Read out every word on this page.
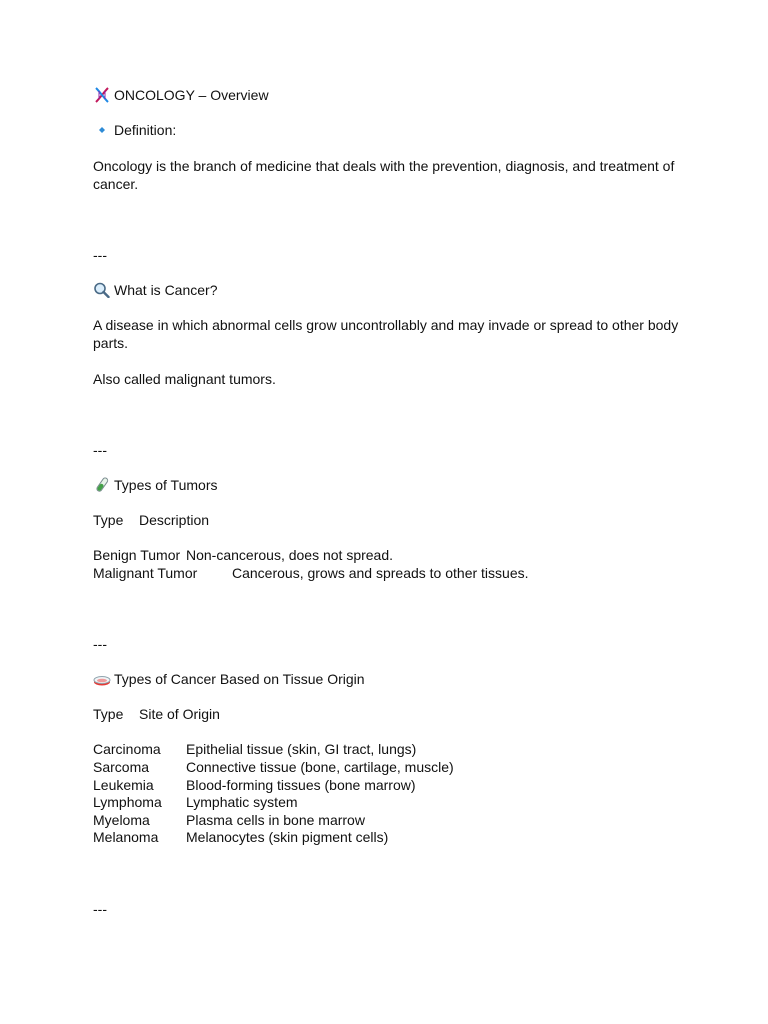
ONCOLOGY – Overview
Definition:
Oncology is the branch of medicine that deals with the prevention, diagnosis, and treatment of cancer.
---
What is Cancer?
A disease in which abnormal cells grow uncontrollably and may invade or spread to other body parts.
Also called malignant tumors.
---
Types of Tumors
Type Description
Benign Tumor Non-cancerous, does not spread.
Malignant Tumor Cancerous, grows and spreads to other tissues.
---
Types of Cancer Based on Tissue Origin
Type Site of Origin
Carcinoma Epithelial tissue (skin, GI tract, lungs)
Sarcoma	Connective tissue (bone, cartilage, muscle)
Leukemia Blood-forming tissues (bone marrow)
Lymphoma Lymphatic system
Myeloma	Plasma cells in bone marrow
Melanoma Melanocytes (skin pigment cells)
---
